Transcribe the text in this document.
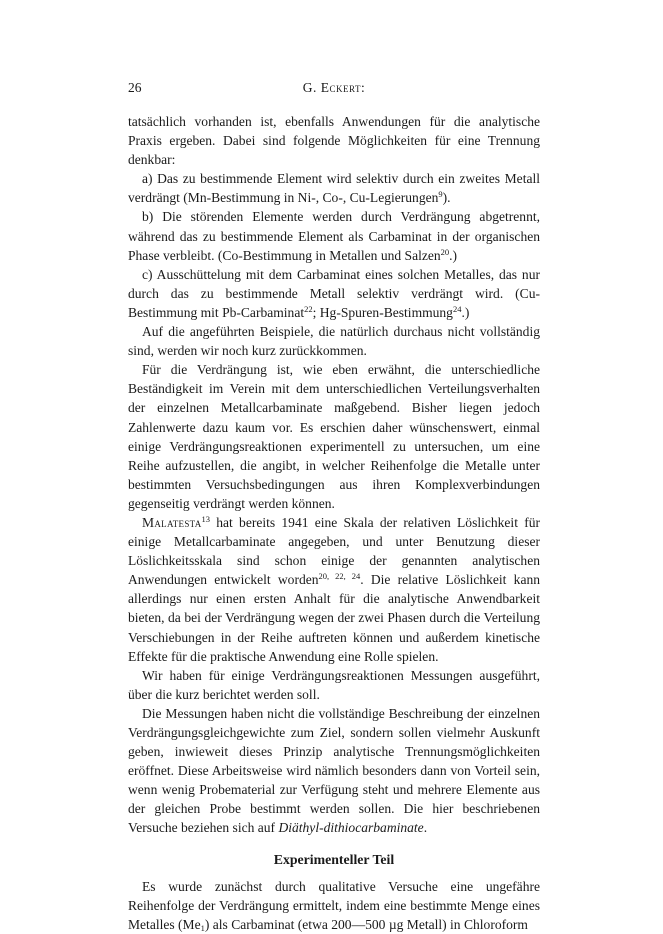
26	G. Eckert:

tatsächlich vorhanden ist, ebenfalls Anwendungen für die analytische Praxis ergeben. Dabei sind folgende Möglichkeiten für eine Trennung denkbar:

a) Das zu bestimmende Element wird selektiv durch ein zweites Metall verdrängt (Mn-Bestimmung in Ni-, Co-, Cu-Legierungen$^9$).

b) Die störenden Elemente werden durch Verdrängung abgetrennt, während das zu bestimmende Element als Carbaminat in der organischen Phase verbleibt. (Co-Bestimmung in Metallen und Salzen$^{20}$.)

c) Ausschüttelung mit dem Carbaminat eines solchen Metalles, das nur durch das zu bestimmende Metall selektiv verdrängt wird. (Cu-Bestimmung mit Pb-Carbaminat$^{22}$; Hg-Spuren-Bestimmung$^{24}$.)

Auf die angeführten Beispiele, die natürlich durchaus nicht vollständig sind, werden wir noch kurz zurückkommen.

Für die Verdrängung ist, wie eben erwähnt, die unterschiedliche Beständigkeit im Verein mit dem unterschiedlichen Verteilungsverhalten der einzelnen Metallcarbaminate maßgebend. Bisher liegen jedoch Zahlenwerte dazu kaum vor. Es erschien daher wünschenswert, einmal einige Verdrängungsreaktionen experimentell zu untersuchen, um eine Reihe aufzustellen, die angibt, in welcher Reihenfolge die Metalle unter bestimmten Versuchsbedingungen aus ihren Komplexverbindungen gegenseitig verdrängt werden können.

Malatesta$^{13}$ hat bereits 1941 eine Skala der relativen Löslichkeit für einige Metallcarbaminate angegeben, und unter Benutzung dieser Löslichkeitsskala sind schon einige der genannten analytischen Anwendungen entwickelt worden$^{20, 22, 24}$. Die relative Löslichkeit kann allerdings nur einen ersten Anhalt für die analytische Anwendbarkeit bieten, da bei der Verdrängung wegen der zwei Phasen durch die Verteilung Verschiebungen in der Reihe auftreten können und außerdem kinetische Effekte für die praktische Anwendung eine Rolle spielen.

Wir haben für einige Verdrängungsreaktionen Messungen ausgeführt, über die kurz berichtet werden soll.

Die Messungen haben nicht die vollständige Beschreibung der einzelnen Verdrängungsgleichgewichte zum Ziel, sondern sollen vielmehr Auskunft geben, inwieweit dieses Prinzip analytische Trennungsmöglichkeiten eröffnet. Diese Arbeitsweise wird nämlich besonders dann von Vorteil sein, wenn wenig Probematerial zur Verfügung steht und mehrere Elemente aus der gleichen Probe bestimmt werden sollen. Die hier beschriebenen Versuche beziehen sich auf Diäthyl-dithiocarbaminate.

Experimenteller Teil

Es wurde zunächst durch qualitative Versuche eine ungefähre Reihenfolge der Verdrängung ermittelt, indem eine bestimmte Menge eines Metalles $(Me_1)$ als Carbaminat (etwa 200—500 µg Metall) in Chloroform
